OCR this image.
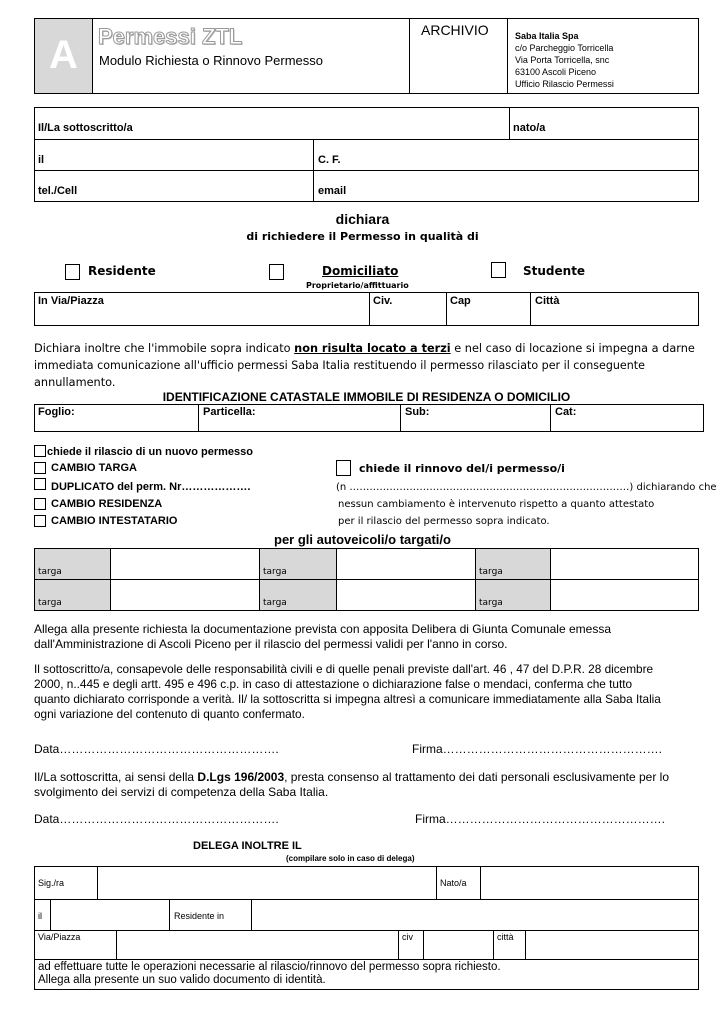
A Permessi ZTL
Modulo Richiesta o Rinnovo Permesso
ARCHIVIO	Saba Italia Spa
c/o Parcheggio Torricella
Via Porta Torricella, snc
63100 Ascoli Piceno
Ufficio Rilascio Permessi
Il/La sottoscritto/a	nato/a
il	C. F.
tel./Cell	email
dichiara
di richiedere il Permesso in qualità di
Residente	Domiciliato
Proprietario/affittuario
Studente
In Via/Piazza	Civ.	Cap	Città
Dichiara inoltre che l'immobile sopra indicato non risulta locato a terzi e nel caso di locazione si impegna a darne
immediata comunicazione all'ufficio permessi Saba Italia restituendo il permesso rilasciato per il conseguente
annullamento.
IDENTIFICAZIONE CATASTALE IMMOBILE DI RESIDENZA O DOMICILIO
Foglio:	Particella:	Sub:	Cat:
chiede il rilascio di un nuovo permesso
CAMBIO TARGA
DUPLICATO del perm. Nr……………….
CAMBIO RESIDENZA
CAMBIO INTESTATARIO
chiede il rinnovo del/i permesso/i
(n …………………………………………………………………………) dichiarando che
nessun cambiamento è intervenuto rispetto a quanto attestato
per il rilascio del permesso sopra indicato.
per gli autoveicoli/o targati/o
targa	targa	targa
targa	targa	targa
Allega alla presente richiesta la documentazione prevista con apposita Delibera di Giunta Comunale emessa
dall'Amministrazione di Ascoli Piceno per il rilascio del permessi validi per l'anno in corso.
Il sottoscritto/a, consapevole delle responsabilità civili e di quelle penali previste dall'art. 46 , 47 del D.P.R. 28 dicembre
2000, n..445 e degli artt. 495 e 496 c.p. in caso di attestazione o dichiarazione false o mendaci, conferma che tutto
quanto dichiarato corrisponde a verità. Il/ la sottoscritta si impegna altresì a comunicare immediatamente alla Saba Italia
ogni variazione del contenuto di quanto confermato.
Data……………………………………………….	Firma……………………………………………….
Il/La sottoscritta, ai sensi della D.Lgs 196/2003, presta consenso al trattamento dei dati personali esclusivamente per lo
svolgimento dei servizi di competenza della Saba Italia.
Data……………………………………………….	Firma……………………………………………….
DELEGA INOLTRE IL
(compilare solo in caso di delega)
Sig./ra	Nato/a
il	Residente in
Via/Piazza	civ	città
ad effettuare tutte le operazioni necessarie al rilascio/rinnovo del permesso sopra richiesto.
Allega alla presente un suo valido documento di identità.
